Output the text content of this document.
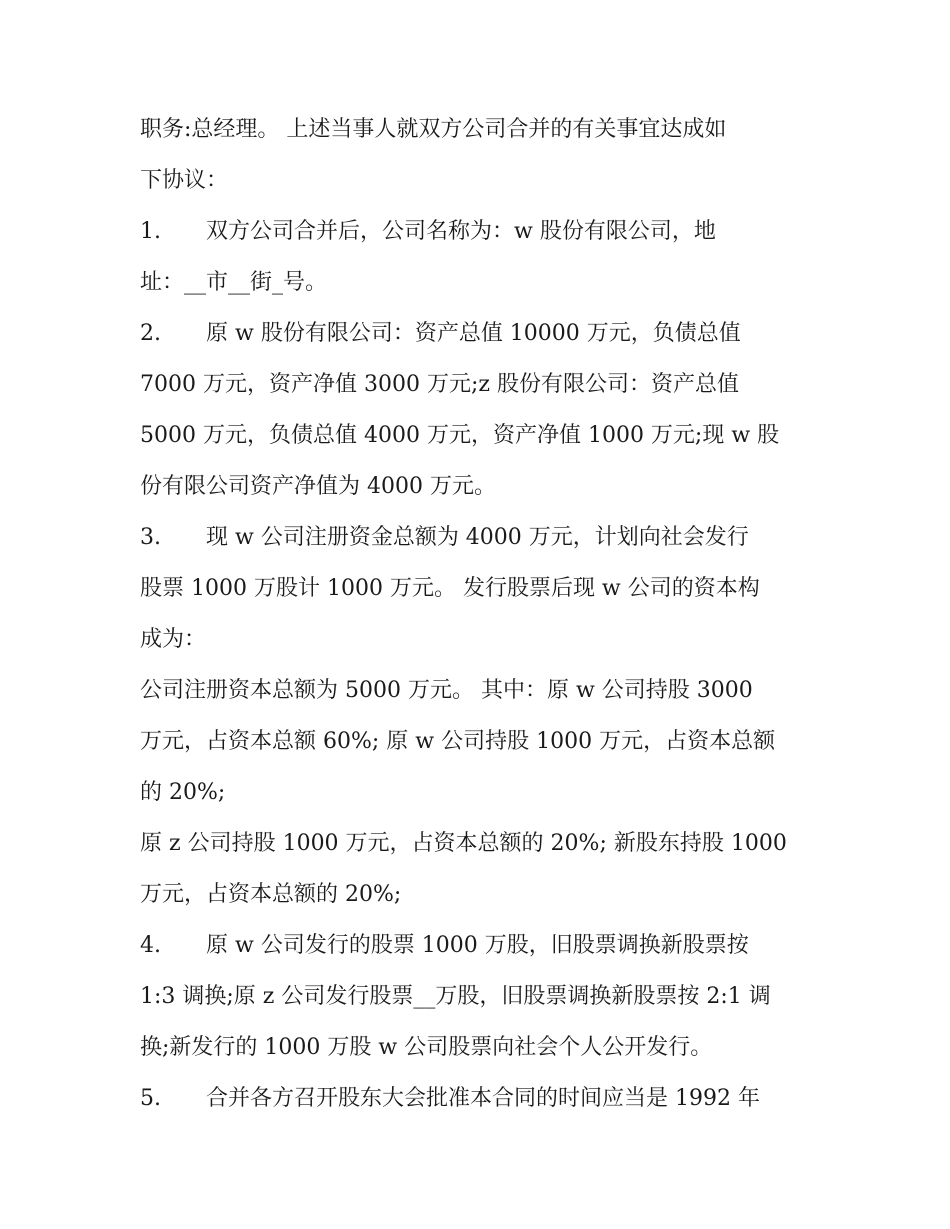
职务:总经理。 上述当事人就双方公司合并的有关事宜达成如
下协议：
1. 双方公司合并后，公司名称为：w 股份有限公司，地
址：__市__街_号。
2. 原 w 股份有限公司：资产总值 10000 万元，负债总值
7000 万元，资产净值 3000 万元;z 股份有限公司：资产总值
5000 万元，负债总值 4000 万元，资产净值 1000 万元;现 w 股
份有限公司资产净值为 4000 万元。
3. 现 w 公司注册资金总额为 4000 万元，计划向社会发行
股票 1000 万股计 1000 万元。 发行股票后现 w 公司的资本构
成为：
公司注册资本总额为 5000 万元。 其中：原 w 公司持股 3000
万元，占资本总额 60%; 原 w 公司持股 1000 万元，占资本总额
的 20%;
原 z 公司持股 1000 万元，占资本总额的 20%; 新股东持股 1000
万元，占资本总额的 20%;
4. 原 w 公司发行的股票 1000 万股，旧股票调换新股票按
1:3 调换;原 z 公司发行股票__万股，旧股票调换新股票按 2:1 调
换;新发行的 1000 万股 w 公司股票向社会个人公开发行。
5. 合并各方召开股东大会批准本合同的时间应当是 1992 年
